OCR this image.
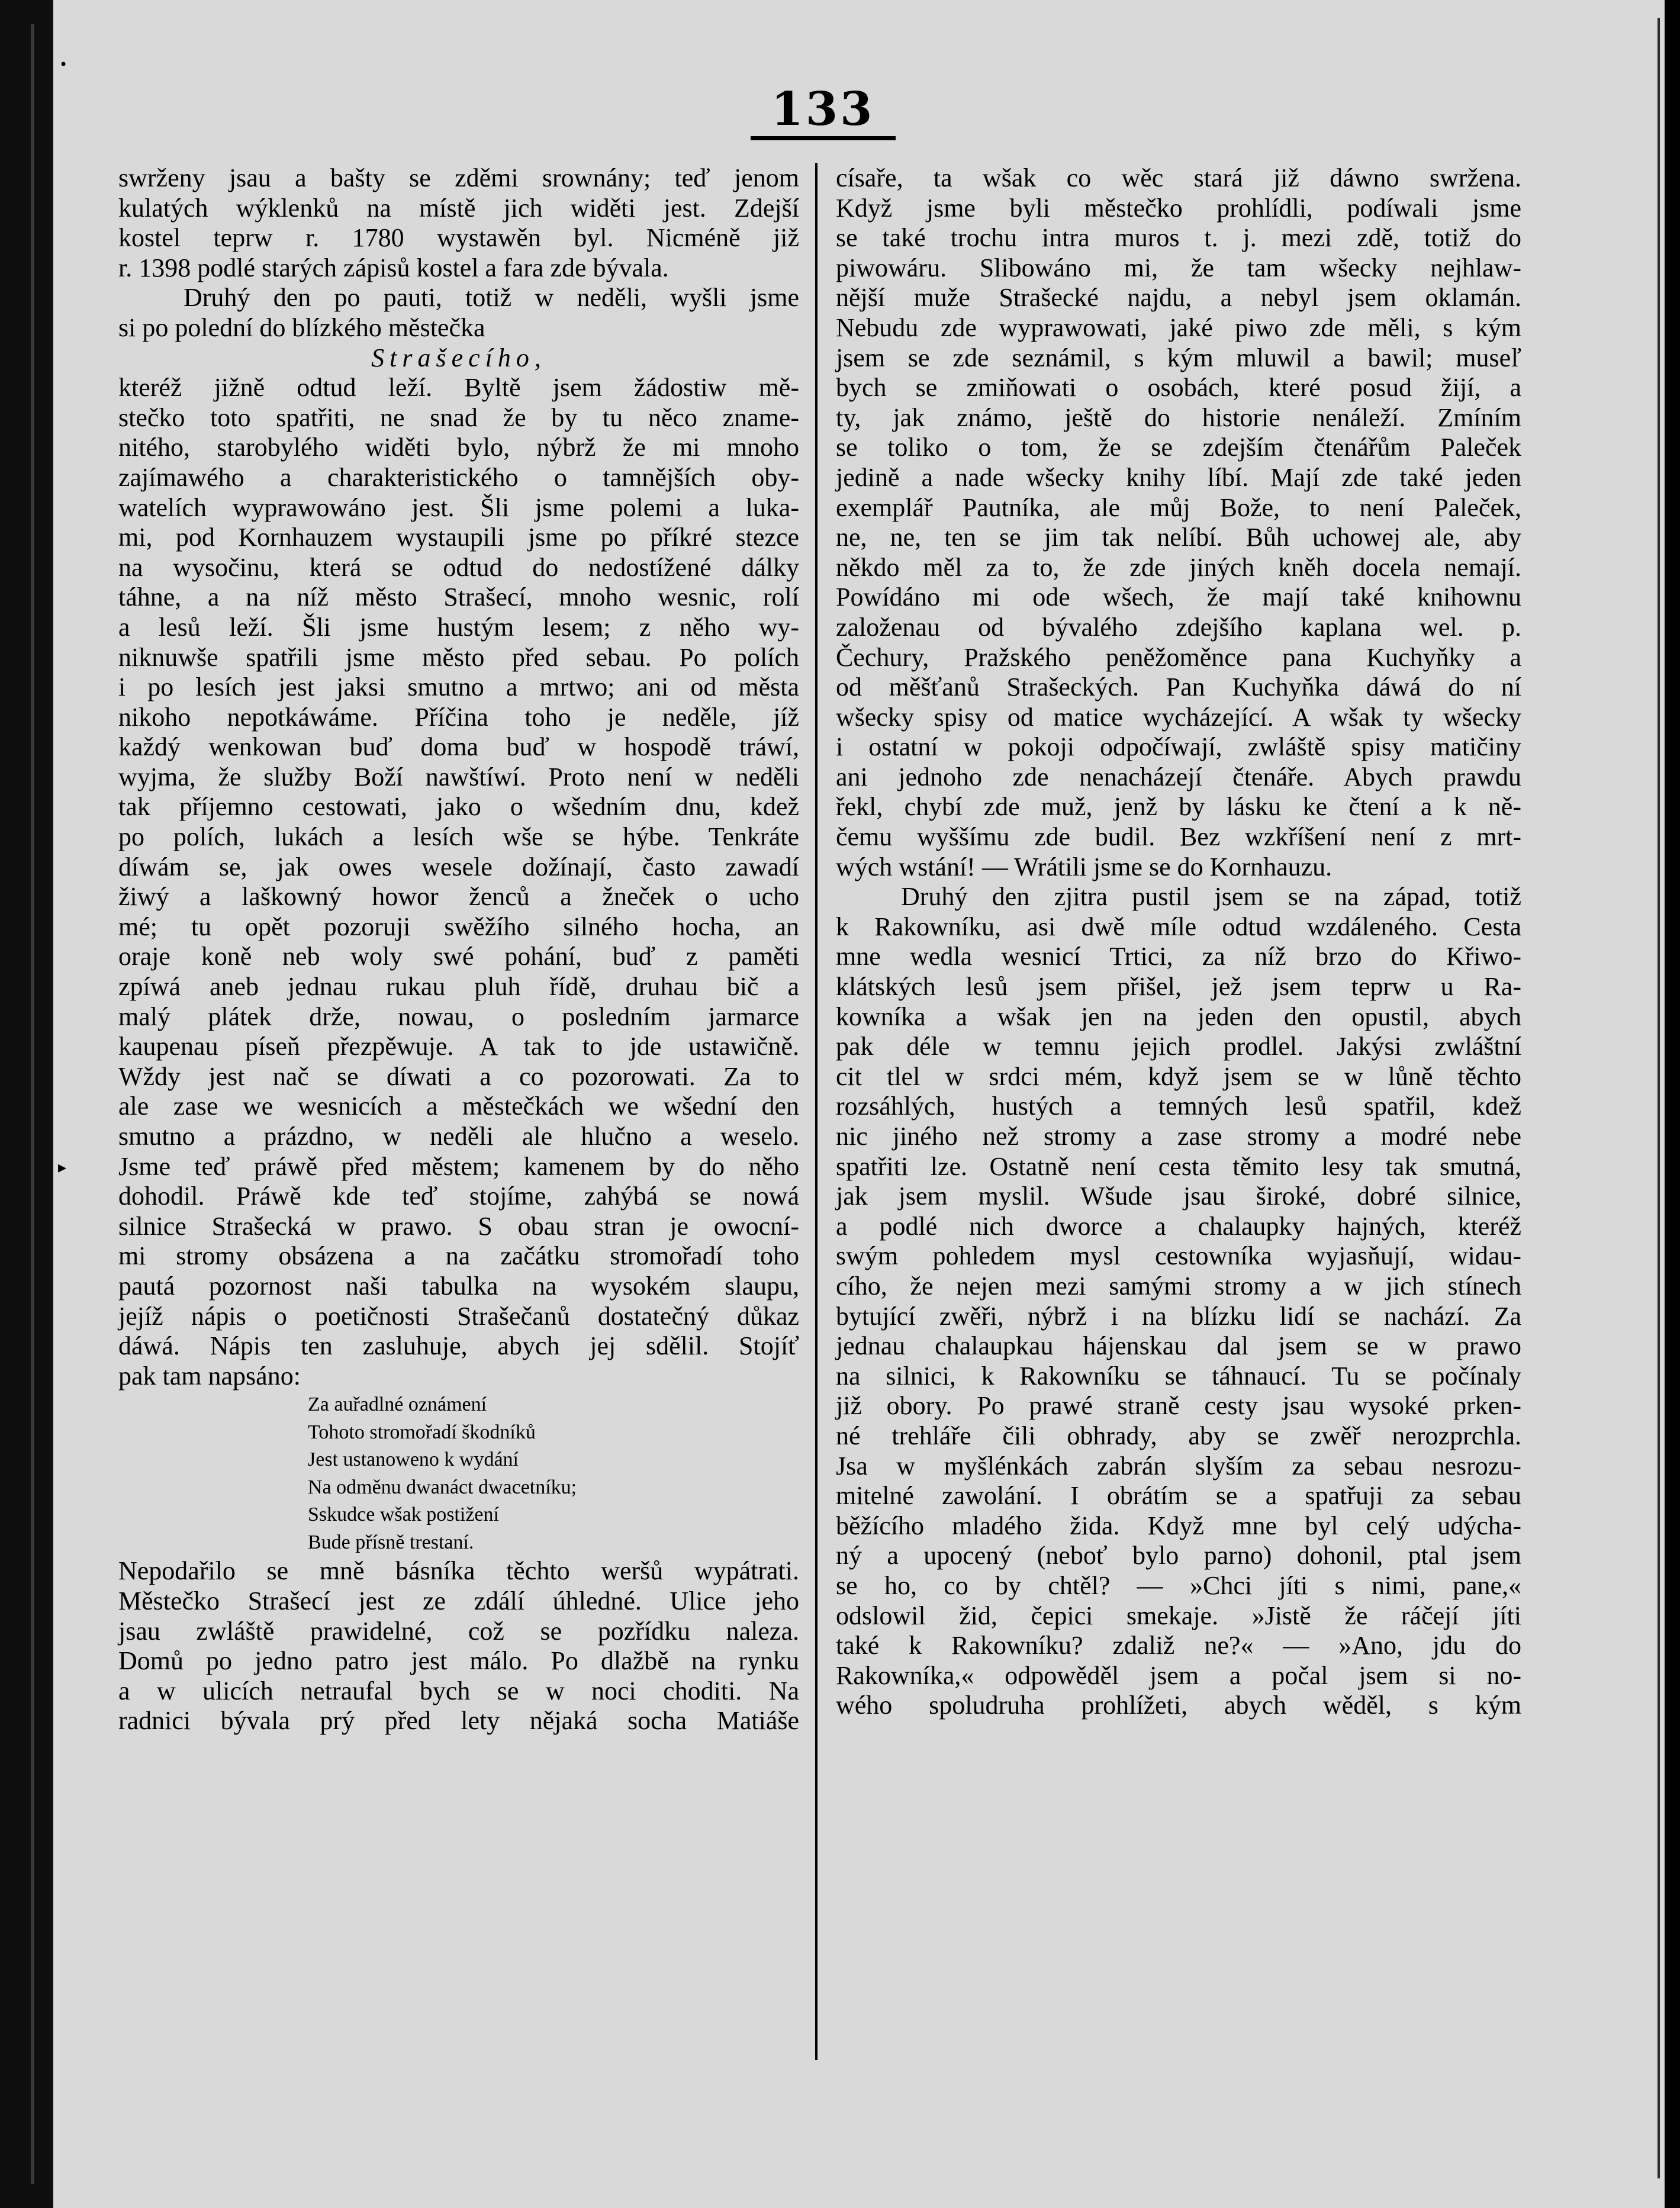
133
swrženy jsau a bašty se zděmi srownány; teď jenom
kulatých wýklenků na místě jich widěti jest. Zdejší
kostel teprw r. 1780 wystawěn byl. Nicméně již
r. 1398 podlé starých zápisů kostel a fara zde bývala.
Druhý den po pauti, totiž w neděli, wyšli jsme
si po polední do blízkého městečka
Strašecího,
kteréž jižně odtud leží. Byltě jsem žádostiw mě-
stečko toto spatřiti, ne snad že by tu něco zname-
nitého, starobylého widěti bylo, nýbrž že mi mnoho
zajímawého a charakteristického o tamnějších oby-
watelích wyprawowáno jest. Šli jsme polemi a luka-
mi, pod Kornhauzem wystaupili jsme po příkré stezce
na wysočinu, která se odtud do nedostížené dálky
táhne, a na níž město Strašecí, mnoho wesnic, rolí
a lesů leží. Šli jsme hustým lesem; z něho wy-
niknuwše spatřili jsme město před sebau. Po polích
i po lesích jest jaksi smutno a mrtwo; ani od města
nikoho nepotkáwáme. Příčina toho je neděle, jíž
každý wenkowan buď doma buď w hospodě tráwí,
wyjma, že služby Boží nawštíwí. Proto není w neděli
tak příjemno cestowati, jako o wšedním dnu, kdež
po polích, lukách a lesích wše se hýbe. Tenkráte
díwám se, jak owes wesele dožínají, často zawadí
žiwý a laškowný howor ženců a žneček o ucho
mé; tu opět pozoruji swěžího silného hocha, an
oraje koně neb woly swé pohání, buď z paměti
zpíwá aneb jednau rukau pluh řídě, druhau bič a
malý plátek drže, nowau, o posledním jarmarce
kaupenau píseň přezpěwuje. A tak to jde ustawičně.
Wždy jest nač se díwati a co pozorowati. Za to
ale zase we wesnicích a městečkách we wšední den
smutno a prázdno, w neděli ale hlučno a weselo.
Jsme teď práwě před městem; kamenem by do něho
dohodil. Práwě kde teď stojíme, zahýbá se nowá
silnice Strašecká w prawo. S obau stran je owocní-
mi stromy obsázena a na začátku stromořadí toho
pautá pozornost naši tabulka na wysokém slaupu,
jejíž nápis o poetičnosti Strašečanů dostatečný důkaz
dáwá. Nápis ten zasluhuje, abych jej sdělil. Stojíť
pak tam napsáno:
Za auřadlné oznámení
Tohoto stromořadí škodníků
Jest ustanoweno k wydání
Na odměnu dwanáct dwacetníku;
Sskudce wšak postižení
Bude přísně trestaní.
Nepodařilo se mně básníka těchto weršů wypátrati.
Městečko Strašecí jest ze zdálí úhledné. Ulice jeho
jsau zwláště prawidelné, což se pozřídku naleza.
Domů po jedno patro jest málo. Po dlažbě na rynku
a w ulicích netraufal bych se w noci choditi. Na
radnici bývala prý před lety nějaká socha Matiáše
císaře, ta wšak co wěc stará již dáwno swržena.
Když jsme byli městečko prohlídli, podíwali jsme
se také trochu intra muros t. j. mezi zdě, totiž do
piwowáru. Slibowáno mi, že tam wšecky nejhlaw-
nější muže Strašecké najdu, a nebyl jsem oklamán.
Nebudu zde wyprawowati, jaké piwo zde měli, s kým
jsem se zde seznámil, s kým mluwil a bawil; museľ
bych se zmiňowati o osobách, které posud žijí, a
ty, jak známo, ještě do historie nenáleží. Zmíním
se toliko o tom, že se zdejším čtenářům Paleček
jedině a nade wšecky knihy líbí. Mají zde také jeden
exemplář Pautníka, ale můj Bože, to není Paleček,
ne, ne, ten se jim tak nelíbí. Bůh uchowej ale, aby
někdo měl za to, že zde jiných kněh docela nemají.
Powídáno mi ode wšech, že mají také knihownu
založenau od bývalého zdejšího kaplana wel. p.
Čechury, Pražského peněžoměnce pana Kuchyňky a
od měšťanů Strašeckých. Pan Kuchyňka dáwá do ní
wšecky spisy od matice wycházející. A wšak ty wšecky
i ostatní w pokoji odpočíwají, zwláště spisy matičiny
ani jednoho zde nenacházejí čtenáře. Abych prawdu
řekl, chybí zde muž, jenž by lásku ke čtení a k ně-
čemu wyššímu zde budil. Bez wzkříšení není z mrt-
wých wstání! — Wrátili jsme se do Kornhauzu.
Druhý den zjitra pustil jsem se na západ, totiž
k Rakowníku, asi dwě míle odtud wzdáleného. Cesta
mne wedla wesnicí Trtici, za níž brzo do Křiwo-
klátských lesů jsem přišel, jež jsem teprw u Ra-
kowníka a wšak jen na jeden den opustil, abych
pak déle w temnu jejich prodlel. Jakýsi zwláštní
cit tlel w srdci mém, když jsem se w lůně těchto
rozsáhlých, hustých a temných lesů spatřil, kdež
nic jiného než stromy a zase stromy a modré nebe
spatřiti lze. Ostatně není cesta těmito lesy tak smutná,
jak jsem myslil. Wšude jsau široké, dobré silnice,
a podlé nich dworce a chalaupky hajných, kteréž
swým pohledem mysl cestowníka wyjasňují, widau-
cího, že nejen mezi samými stromy a w jich stínech
bytující zwěři, nýbrž i na blízku lidí se nachází. Za
jednau chalaupkau hájenskau dal jsem se w prawo
na silnici, k Rakowníku se táhnaucí. Tu se počínaly
již obory. Po prawé straně cesty jsau wysoké prken-
né trehláře čili obhrady, aby se zwěř nerozprchla.
Jsa w myšlénkách zabrán slyším za sebau nesrozu-
mitelné zawolání. I obrátím se a spatřuji za sebau
běžícího mladého žida. Když mne byl celý udýcha-
ný a upocený (neboť bylo parno) dohonil, ptal jsem
se ho, co by chtěl? — »Chci jíti s nimi, pane,«
odslowil žid, čepici smekaje. »Jistě že ráčejí jíti
také k Rakowníku? zdaliž ne?« — »Ano, jdu do
Rakowníka,« odpowěděl jsem a počal jsem si no-
wého spoludruha prohlížeti, abych wěděl, s kým
•
▸
